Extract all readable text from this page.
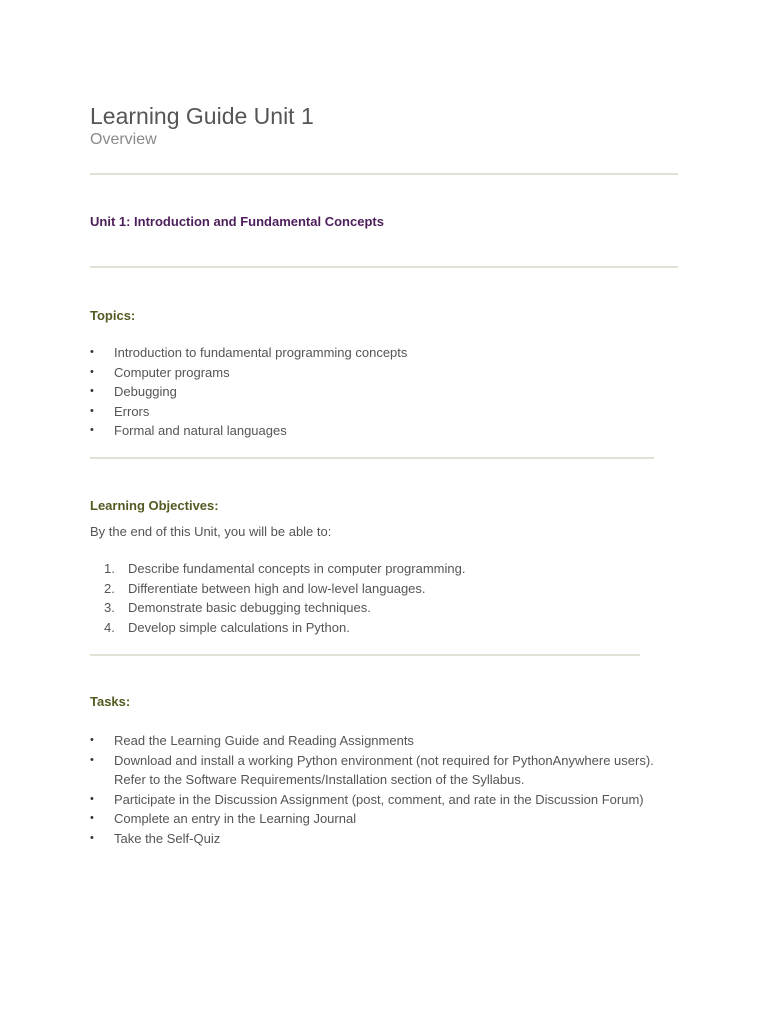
Learning Guide Unit 1
Overview
Unit 1: Introduction and Fundamental Concepts
Topics:
• Introduction to fundamental programming concepts
• Computer programs
• Debugging
• Errors
• Formal and natural languages
Learning Objectives:
By the end of this Unit, you will be able to:
1. Describe fundamental concepts in computer programming.
2. Differentiate between high and low-level languages.
3. Demonstrate basic debugging techniques.
4. Develop simple calculations in Python.
Tasks:
• Read the Learning Guide and Reading Assignments
• Download and install a working Python environment (not required for PythonAnywhere users).
Refer to the Software Requirements/Installation section of the Syllabus.
• Participate in the Discussion Assignment (post, comment, and rate in the Discussion Forum)
• Complete an entry in the Learning Journal
• Take the Self-Quiz
